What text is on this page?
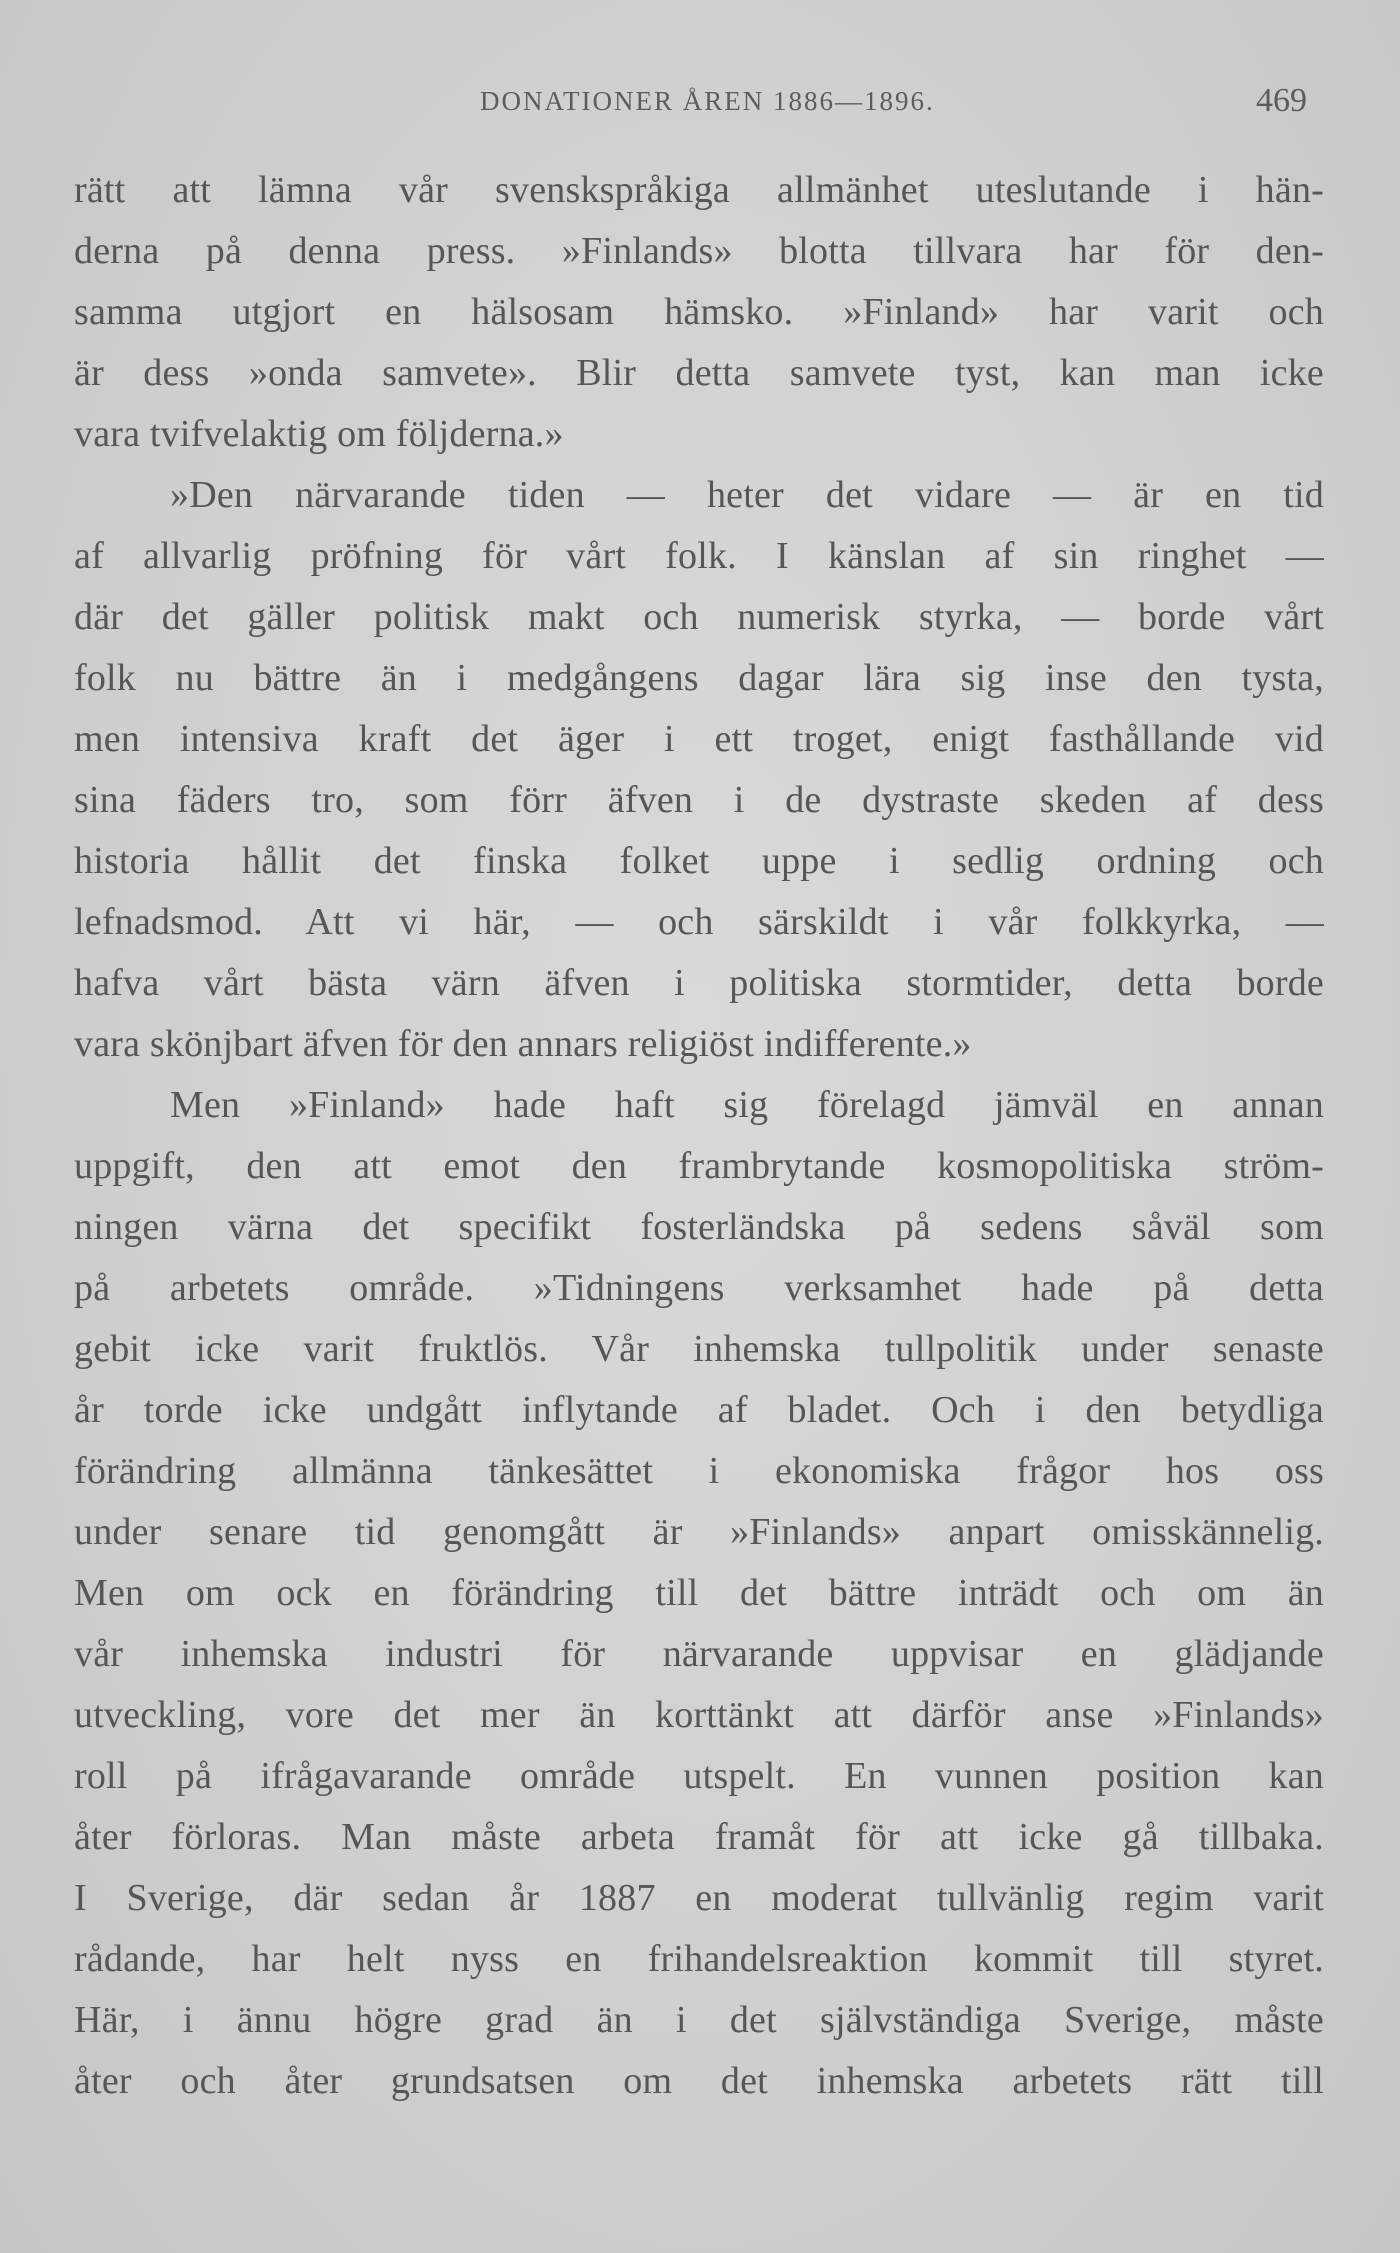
DONATIONER ÅREN 1886—1896.	469
rätt att lämna vår svenskspråkiga allmänhet uteslutande i hän-
derna på denna press. »Finlands» blotta tillvara har för den-
samma utgjort en hälsosam hämsko. »Finland» har varit och
är dess »onda samvete». Blir detta samvete tyst, kan man icke
vara tvifvelaktig om följderna.»
»Den närvarande tiden — heter det vidare — är en tid
af allvarlig pröfning för vårt folk. I känslan af sin ringhet —
där det gäller politisk makt och numerisk styrka, — borde vårt
folk nu bättre än i medgångens dagar lära sig inse den tysta,
men intensiva kraft det äger i ett troget, enigt fasthållande vid
sina fäders tro, som förr äfven i de dystraste skeden af dess
historia hållit det finska folket uppe i sedlig ordning och
lefnadsmod. Att vi här, — och särskildt i vår folkkyrka, —
hafva vårt bästa värn äfven i politiska stormtider, detta borde
vara skönjbart äfven för den annars religiöst indifferente.»
Men »Finland» hade haft sig förelagd jämväl en annan
uppgift, den att emot den frambrytande kosmopolitiska ström-
ningen värna det specifikt fosterländska på sedens såväl som
på arbetets område. »Tidningens verksamhet hade på detta
gebit icke varit fruktlös. Vår inhemska tullpolitik under senaste
år torde icke undgått inflytande af bladet. Och i den betydliga
förändring allmänna tänkesättet i ekonomiska frågor hos oss
under senare tid genomgått är »Finlands» anpart omisskännelig.
Men om ock en förändring till det bättre inträdt och om än
vår inhemska industri för närvarande uppvisar en glädjande
utveckling, vore det mer än korttänkt att därför anse »Finlands»
roll på ifrågavarande område utspelt. En vunnen position kan
åter förloras. Man måste arbeta framåt för att icke gå tillbaka.
I Sverige, där sedan år 1887 en moderat tullvänlig regim varit
rådande, har helt nyss en frihandelsreaktion kommit till styret.
Här, i ännu högre grad än i det självständiga Sverige, måste
åter och åter grundsatsen om det inhemska arbetets rätt till
